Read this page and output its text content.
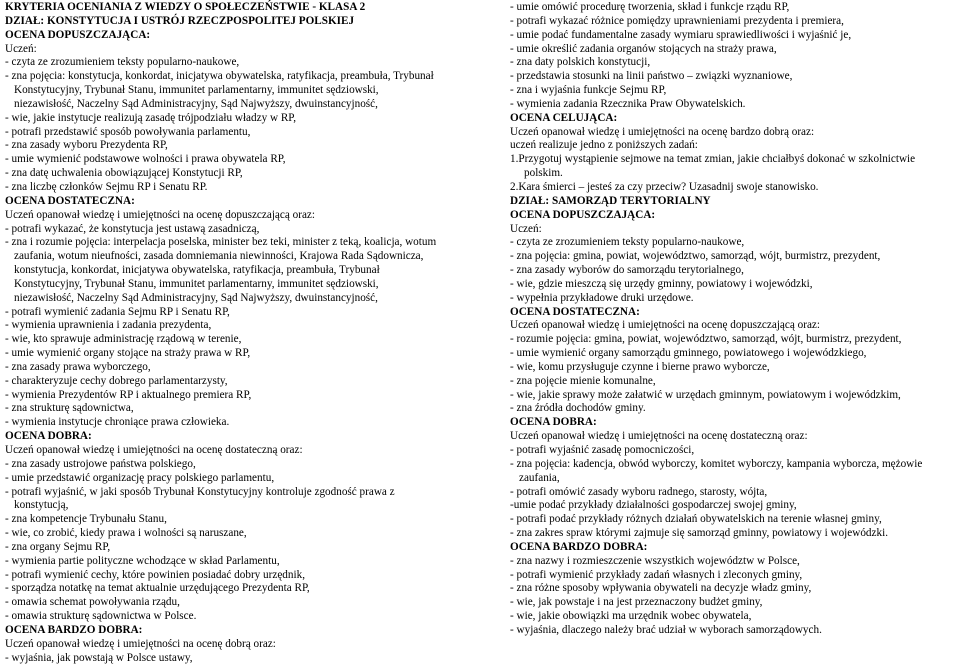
KRYTERIA OCENIANIA Z WIEDZY O SPOŁECZEŃSTWIE - KLASA 2
DZIAŁ: KONSTYTUCJA I USTRÓJ RZECZPOSPOLITEJ POLSKIEJ
OCENA DOPUSZCZAJĄCA:
Uczeń:
- czyta ze zrozumieniem teksty popularno-naukowe,
- zna pojęcia: konstytucja, konkordat, inicjatywa obywatelska, ratyfikacja, preambuła, Trybunał
Konstytucyjny, Trybunał Stanu, immunitet parlamentarny, immunitet sędziowski,
niezawisłość, Naczelny Sąd Administracyjny, Sąd Najwyższy, dwuinstancyjność,
- wie, jakie instytucje realizują zasadę trójpodziału władzy w RP,
- potrafi przedstawić sposób powoływania parlamentu,
- zna zasady wyboru Prezydenta RP,
- umie wymienić podstawowe wolności i prawa obywatela RP,
- zna datę uchwalenia obowiązującej Konstytucji RP,
- zna liczbę członków Sejmu RP i Senatu RP.
OCENA DOSTATECZNA:
Uczeń opanował wiedzę i umiejętności na ocenę dopuszczającą oraz:
- potrafi wykazać, że konstytucja jest ustawą zasadniczą,
- zna i rozumie pojęcia: interpelacja poselska, minister bez teki, minister z teką, koalicja, wotum
zaufania, wotum nieufności, zasada domniemania niewinności, Krajowa Rada Sądownicza,
konstytucja, konkordat, inicjatywa obywatelska, ratyfikacja, preambuła, Trybunał
Konstytucyjny, Trybunał Stanu, immunitet parlamentarny, immunitet sędziowski,
niezawisłość, Naczelny Sąd Administracyjny, Sąd Najwyższy, dwuinstancyjność,
- potrafi wymienić zadania Sejmu RP i Senatu RP,
- wymienia uprawnienia i zadania prezydenta,
- wie, kto sprawuje administrację rządową w terenie,
- umie wymienić organy stojące na straży prawa w RP,
- zna zasady prawa wyborczego,
- charakteryzuje cechy dobrego parlamentarzysty,
- wymienia Prezydentów RP i aktualnego premiera RP,
- zna strukturę sądownictwa,
- wymienia instytucje chroniące prawa człowieka.
OCENA DOBRA:
Uczeń opanował wiedzę i umiejętności na ocenę dostateczną oraz:
- zna zasady ustrojowe państwa polskiego,
- umie przedstawić organizację pracy polskiego parlamentu,
- potrafi wyjaśnić, w jaki sposób Trybunał Konstytucyjny kontroluje zgodność prawa z
konstytucją,
- zna kompetencje Trybunału Stanu,
- wie, co zrobić, kiedy prawa i wolności są naruszane,
- zna organy Sejmu RP,
- wymienia partie polityczne wchodzące w skład Parlamentu,
- potrafi wymienić cechy, które powinien posiadać dobry urzędnik,
- sporządza notatkę na temat aktualnie urzędującego Prezydenta RP,
- omawia schemat powoływania rządu,
- omawia strukturę sądownictwa w Polsce.
OCENA BARDZO DOBRA:
Uczeń opanował wiedzę i umiejętności na ocenę dobrą oraz:
- wyjaśnia, jak powstają w Polsce ustawy,
- umie omówić procedurę tworzenia, skład i funkcje rządu RP,
- potrafi wykazać różnice pomiędzy uprawnieniami prezydenta i premiera,
- umie podać fundamentalne zasady wymiaru sprawiedliwości i wyjaśnić je,
- umie określić zadania organów stojących na straży prawa,
- zna daty polskich konstytucji,
- przedstawia stosunki na linii państwo – związki wyznaniowe,
- zna i wyjaśnia funkcje Sejmu RP,
- wymienia zadania Rzecznika Praw Obywatelskich.
OCENA CELUJĄCA:
Uczeń opanował wiedzę i umiejętności na ocenę bardzo dobrą oraz:
uczeń realizuje jedno z poniższych zadań:
1.Przygotuj wystąpienie sejmowe na temat zmian, jakie chciałbyś dokonać w szkolnictwie
polskim.
2.Kara śmierci – jesteś za czy przeciw? Uzasadnij swoje stanowisko.
DZIAŁ: SAMORZĄD TERYTORIALNY
OCENA DOPUSZCZAJĄCA:
Uczeń:
- czyta ze zrozumieniem teksty popularno-naukowe,
- zna pojęcia: gmina, powiat, województwo, samorząd, wójt, burmistrz, prezydent,
- zna zasady wyborów do samorządu terytorialnego,
- wie, gdzie mieszczą się urzędy gminny, powiatowy i wojewódzki,
- wypełnia przykładowe druki urzędowe.
OCENA DOSTATECZNA:
Uczeń opanował wiedzę i umiejętności na ocenę dopuszczającą oraz:
- rozumie pojęcia: gmina, powiat, województwo, samorząd, wójt, burmistrz, prezydent,
- umie wymienić organy samorządu gminnego, powiatowego i wojewódzkiego,
- wie, komu przysługuje czynne i bierne prawo wyborcze,
- zna pojęcie mienie komunalne,
- wie, jakie sprawy może załatwić w urzędach gminnym, powiatowym i wojewódzkim,
- zna źródła dochodów gminy.
OCENA DOBRA:
Uczeń opanował wiedzę i umiejętności na ocenę dostateczną oraz:
- potrafi wyjaśnić zasadę pomocniczości,
- zna pojęcia: kadencja, obwód wyborczy, komitet wyborczy, kampania wyborcza, mężowie
zaufania,
- potrafi omówić zasady wyboru radnego, starosty, wójta,
-umie podać przykłady działalności gospodarczej swojej gminy,
- potrafi podać przykłady różnych działań obywatelskich na terenie własnej gminy,
- zna zakres spraw którymi zajmuje się samorząd gminny, powiatowy i wojewódzki.
OCENA BARDZO DOBRA:
- zna nazwy i rozmieszczenie wszystkich województw w Polsce,
- potrafi wymienić przykłady zadań własnych i zleconych gminy,
- zna różne sposoby wpływania obywateli na decyzje władz gminy,
- wie, jak powstaje i na jest przeznaczony budżet gminy,
- wie, jakie obowiązki ma urzędnik wobec obywatela,
- wyjaśnia, dlaczego należy brać udział w wyborach samorządowych.
